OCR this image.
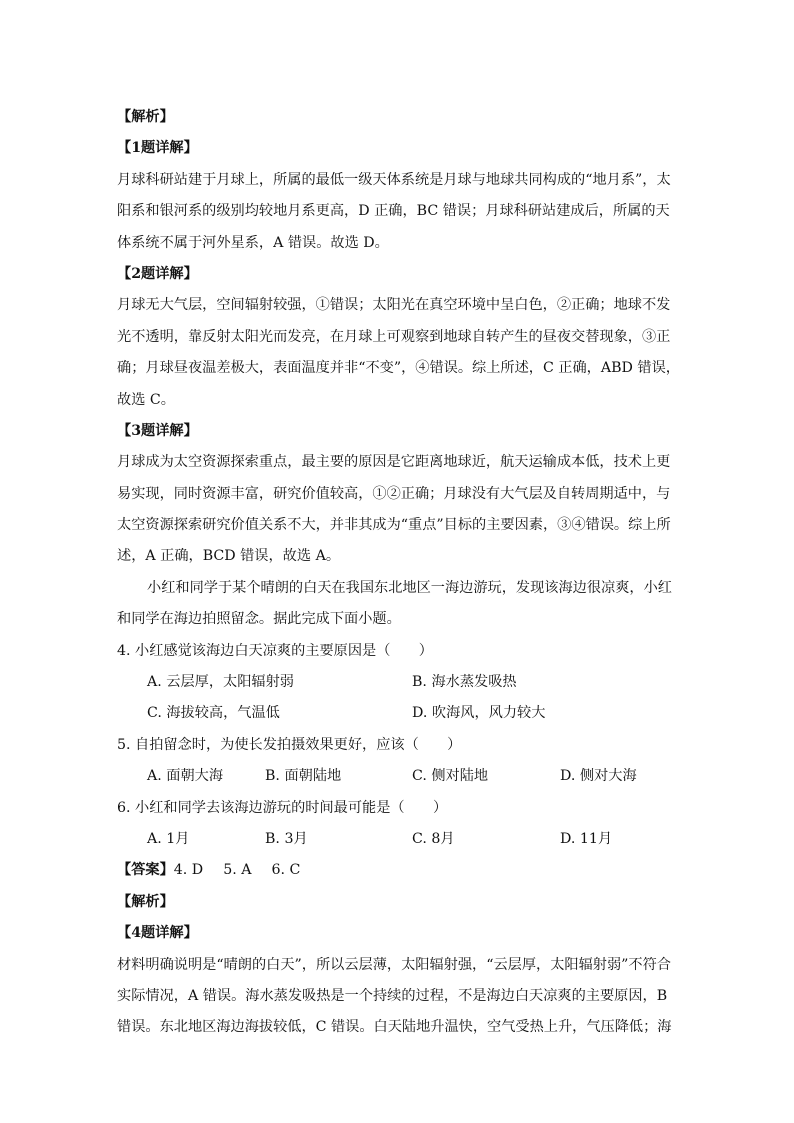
【解析】
【1题详解】
月球科研站建于月球上，所属的最低一级天体系统是月球与地球共同构成的“地月系”，太
阳系和银河系的级别均较地月系更高，D 正确，BC 错误；月球科研站建成后，所属的天
体系统不属于河外星系，A 错误。故选 D。
【2题详解】
月球无大气层，空间辐射较强，①错误；太阳光在真空环境中呈白色，②正确；地球不发
光不透明，靠反射太阳光而发亮，在月球上可观察到地球自转产生的昼夜交替现象，③正
确；月球昼夜温差极大，表面温度并非“不变”，④错误。综上所述，C 正确，ABD 错误，
故选 C。
【3题详解】
月球成为太空资源探索重点，最主要的原因是它距离地球近，航天运输成本低，技术上更
易实现，同时资源丰富，研究价值较高，①②正确；月球没有大气层及自转周期适中，与
太空资源探索研究价值关系不大，并非其成为“重点”目标的主要因素，③④错误。综上所
述，A 正确，BCD 错误，故选 A。
小红和同学于某个晴朗的白天在我国东北地区一海边游玩，发现该海边很凉爽，小红
和同学在海边拍照留念。据此完成下面小题。
4. 小红感觉该海边白天凉爽的主要原因是（　　）
A. 云层厚，太阳辐射弱	B. 海水蒸发吸热
C. 海拔较高，气温低	D. 吹海风，风力较大
5. 自拍留念时，为使长发拍摄效果更好，应该（　　）
A. 面朝大海	B. 面朝陆地	C. 侧对陆地	D. 侧对大海
6. 小红和同学去该海边游玩的时间最可能是（　　）
A. 1月	B. 3月	C. 8月	D. 11月
【答案】4. D 5. A 6. C
【解析】
【4题详解】
材料明确说明是“晴朗的白天”，所以云层薄，太阳辐射强，“云层厚，太阳辐射弱”不符合
实际情况，A 错误。海水蒸发吸热是一个持续的过程，不是海边白天凉爽的主要原因，B
错误。东北地区海边海拔较低，C 错误。白天陆地升温快，空气受热上升，气压降低；海
